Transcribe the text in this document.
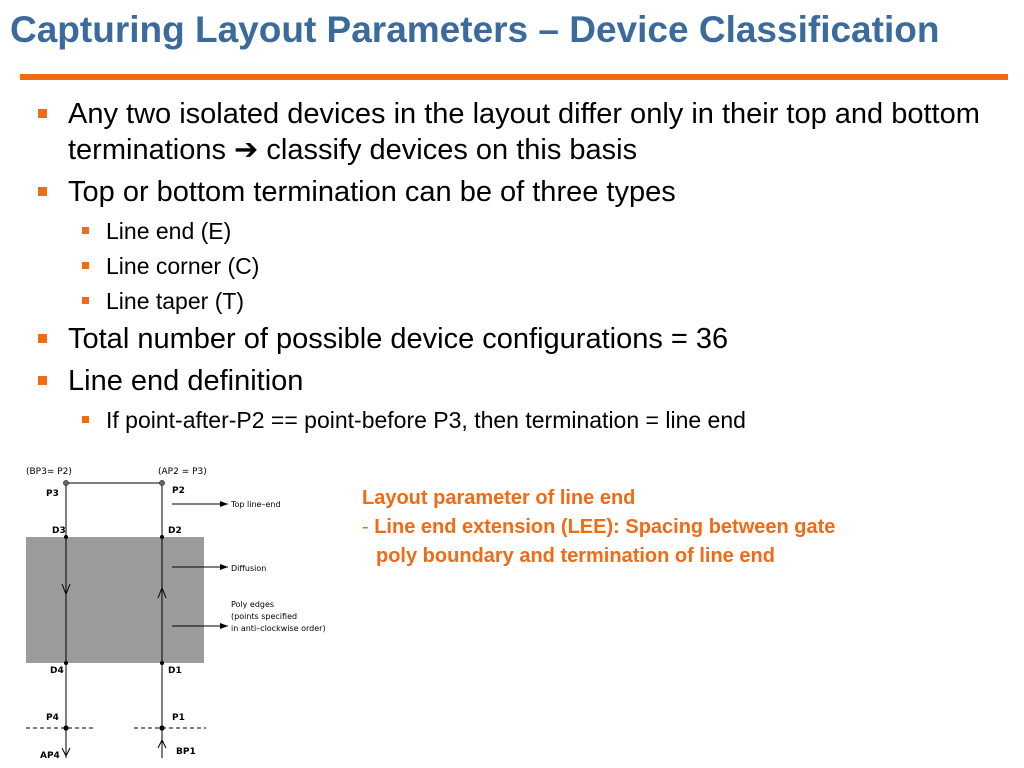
Capturing Layout Parameters – Device Classification
Any two isolated devices in the layout differ only in their top and bottom terminations ➔ classify devices on this basis
Top or bottom termination can be of three types
Line end (E)
Line corner (C)
Line taper (T)
Total number of possible device configurations = 36
Line end definition
If point-after-P2 == point-before P3, then termination = line end
(BP3= P2)	(AP2 = P3)
P3	P2
D3	D2
D4	D1
P4	P1
AP4	BP1
Top line–end
Diffusion
Poly edges
(points specified
in anti–clockwise order)
Layout parameter of line end
- Line end extension (LEE): Spacing between gate
poly boundary and termination of line end
